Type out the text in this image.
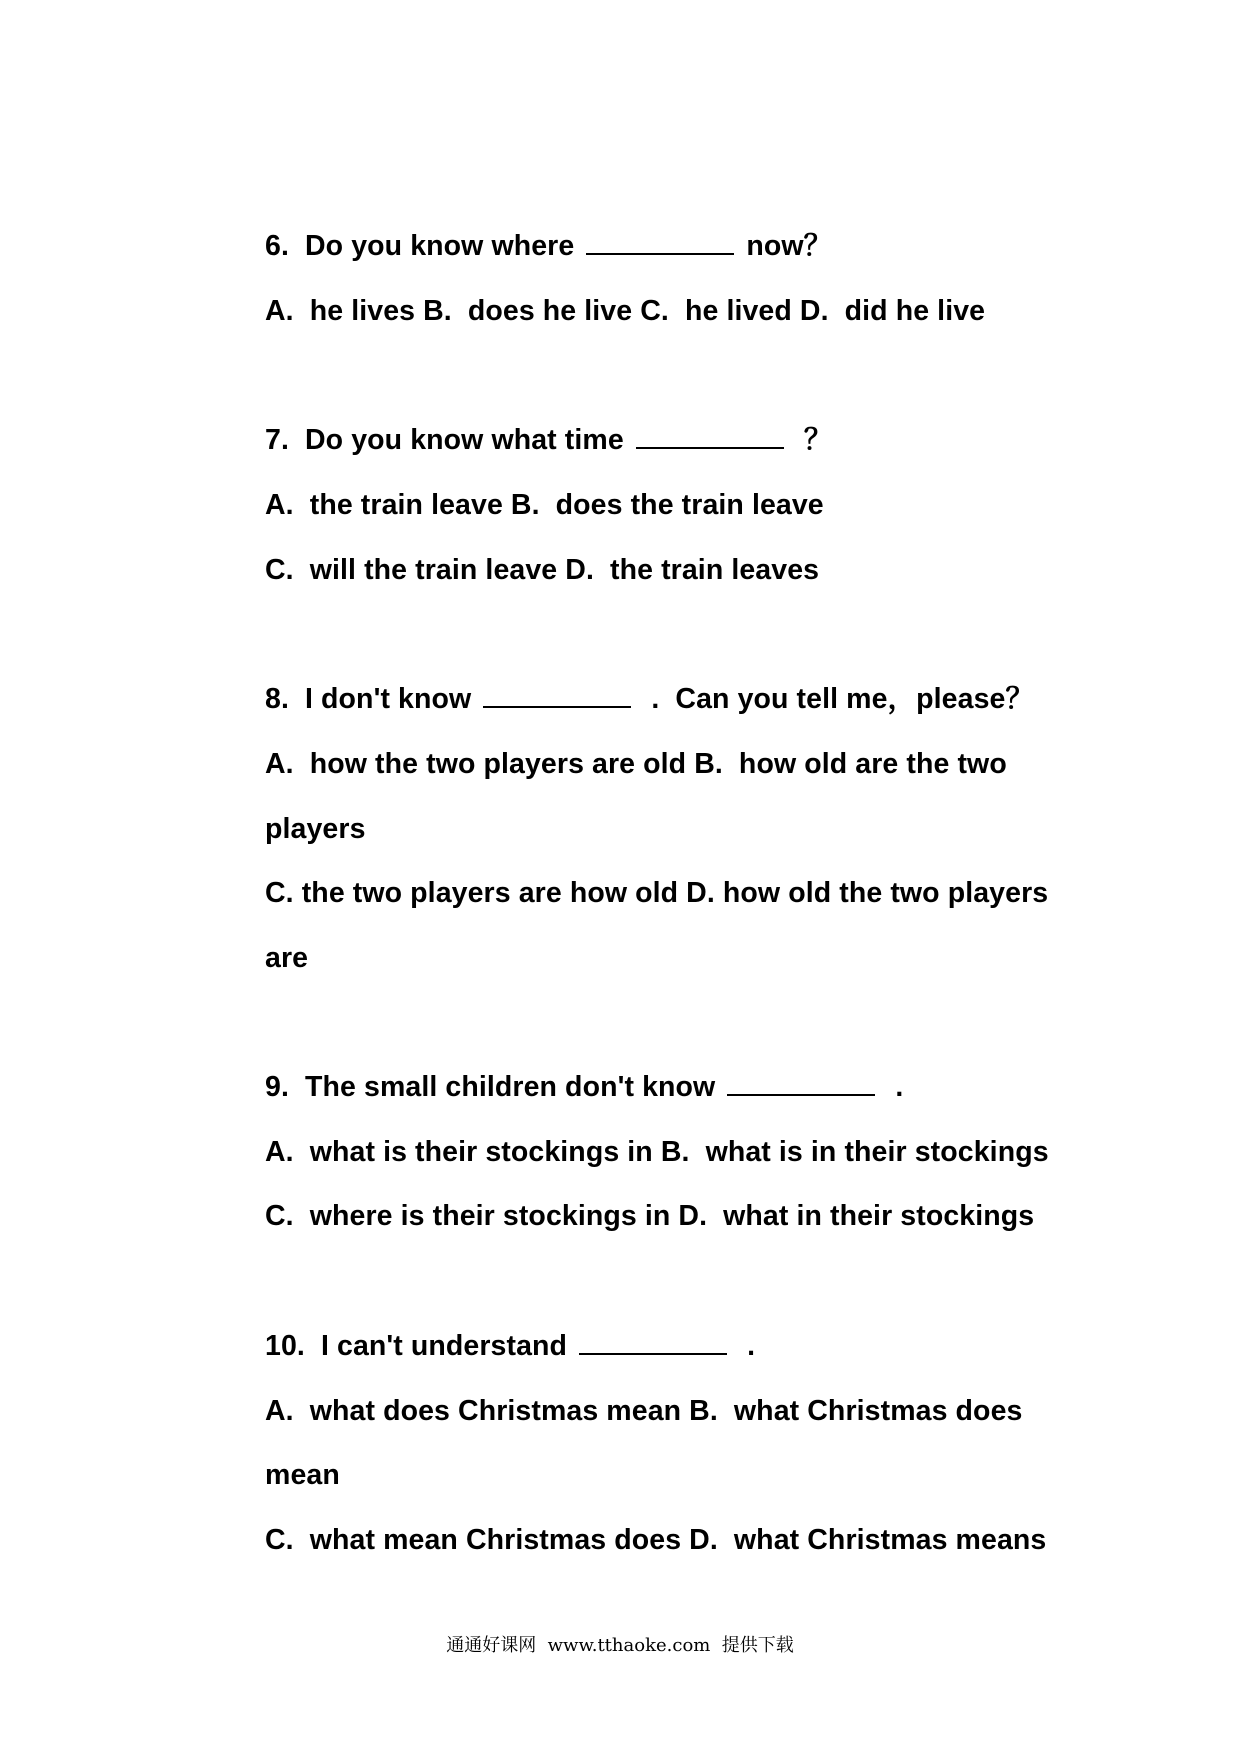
6.  Do you know where	now？
A.  he lives B.  does he live C.  he lived D.  did he live
7.  Do you know what time	？
A.  the train leave B.  does the train leave
C.  will the train leave D.  the train leaves
8.  I don't know	.  Can you tell me，please？
A.  how the two players are old B.  how old are the two
players
C. the two players are how old D. how old the two players
are
9.  The small children don't know	.
A.  what is their stockings in B.  what is in their stockings
C.  where is their stockings in D.  what in their stockings
10.  I can't understand	.
A.  what does Christmas mean B.  what Christmas does
mean
C.  what mean Christmas does D.  what Christmas means
通通好课网  www.tthaoke.com  提供下载
